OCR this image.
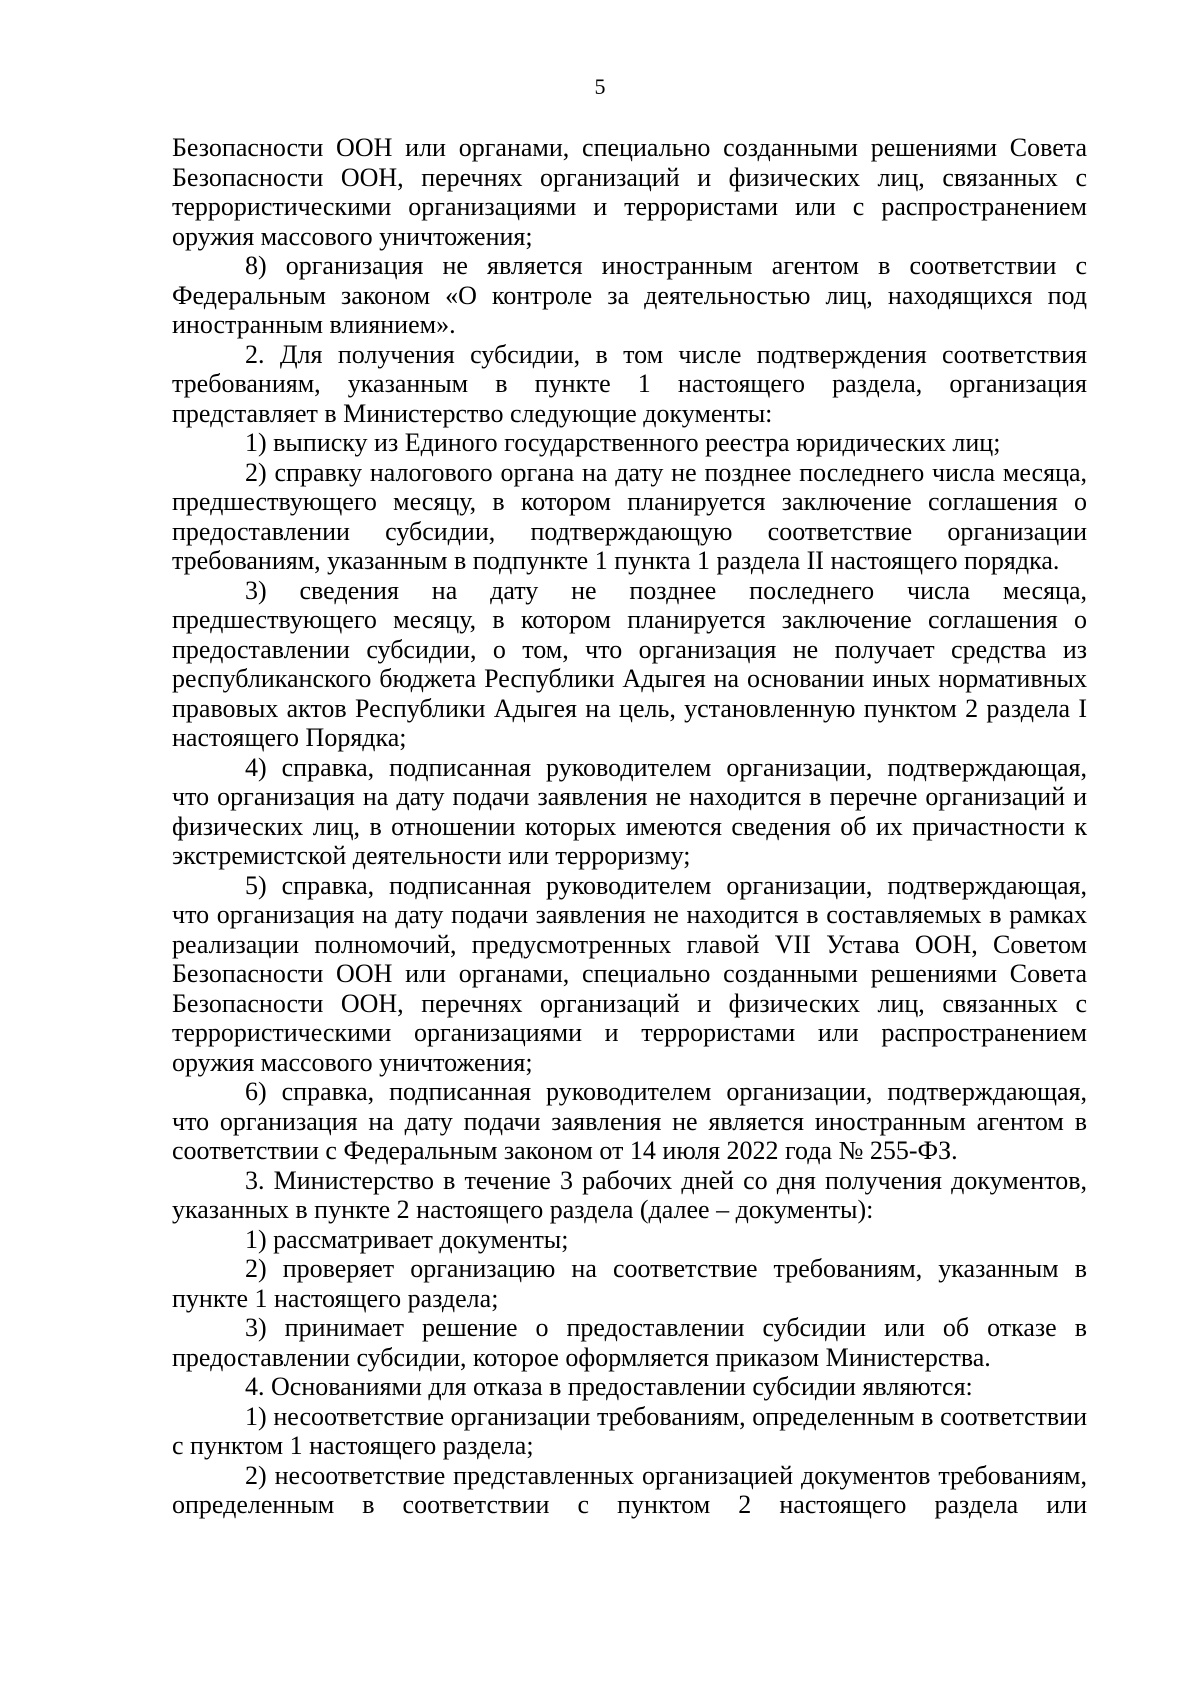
5

Безопасности ООН или органами, специально созданными решениями Совета Безопасности ООН, перечнях организаций и физических лиц, связанных с террористическими организациями и террористами или с распространением оружия массового уничтожения;

8) организация не является иностранным агентом в соответствии с Федеральным законом «О контроле за деятельностью лиц, находящихся под иностранным влиянием».

2. Для получения субсидии, в том числе подтверждения соответствия требованиям, указанным в пункте 1 настоящего раздела, организация представляет в Министерство следующие документы:

1) выписку из Единого государственного реестра юридических лиц;

2) справку налогового органа на дату не позднее последнего числа месяца, предшествующего месяцу, в котором планируется заключение соглашения о предоставлении субсидии, подтверждающую соответствие организации требованиям, указанным в подпункте 1 пункта 1 раздела II настоящего порядка.

3) сведения на дату не позднее последнего числа месяца, предшествующего месяцу, в котором планируется заключение соглашения о предоставлении субсидии, о том, что организация не получает средства из республиканского бюджета Республики Адыгея на основании иных нормативных правовых актов Республики Адыгея на цель, установленную пунктом 2 раздела I настоящего Порядка;

4) справка, подписанная руководителем организации, подтверждающая, что организация на дату подачи заявления не находится в перечне организаций и физических лиц, в отношении которых имеются сведения об их причастности к экстремистской деятельности или терроризму;

5) справка, подписанная руководителем организации, подтверждающая, что организация на дату подачи заявления не находится в составляемых в рамках реализации полномочий, предусмотренных главой VII Устава ООН, Советом Безопасности ООН или органами, специально созданными решениями Совета Безопасности ООН, перечнях организаций и физических лиц, связанных с террористическими организациями и террористами или распространением оружия массового уничтожения;

6) справка, подписанная руководителем организации, подтверждающая, что организация на дату подачи заявления не является иностранным агентом в соответствии с Федеральным законом от 14 июля 2022 года № 255-ФЗ.

3. Министерство в течение 3 рабочих дней со дня получения документов, указанных в пункте 2 настоящего раздела (далее – документы):

1) рассматривает документы;

2) проверяет организацию на соответствие требованиям, указанным в пункте 1 настоящего раздела;

3) принимает решение о предоставлении субсидии или об отказе в предоставлении субсидии, которое оформляется приказом Министерства.

4. Основаниями для отказа в предоставлении субсидии являются:

1) несоответствие организации требованиям, определенным в соответствии с пунктом 1 настоящего раздела;

2) несоответствие представленных организацией документов требованиям, определенным в соответствии с пунктом 2 настоящего раздела или
